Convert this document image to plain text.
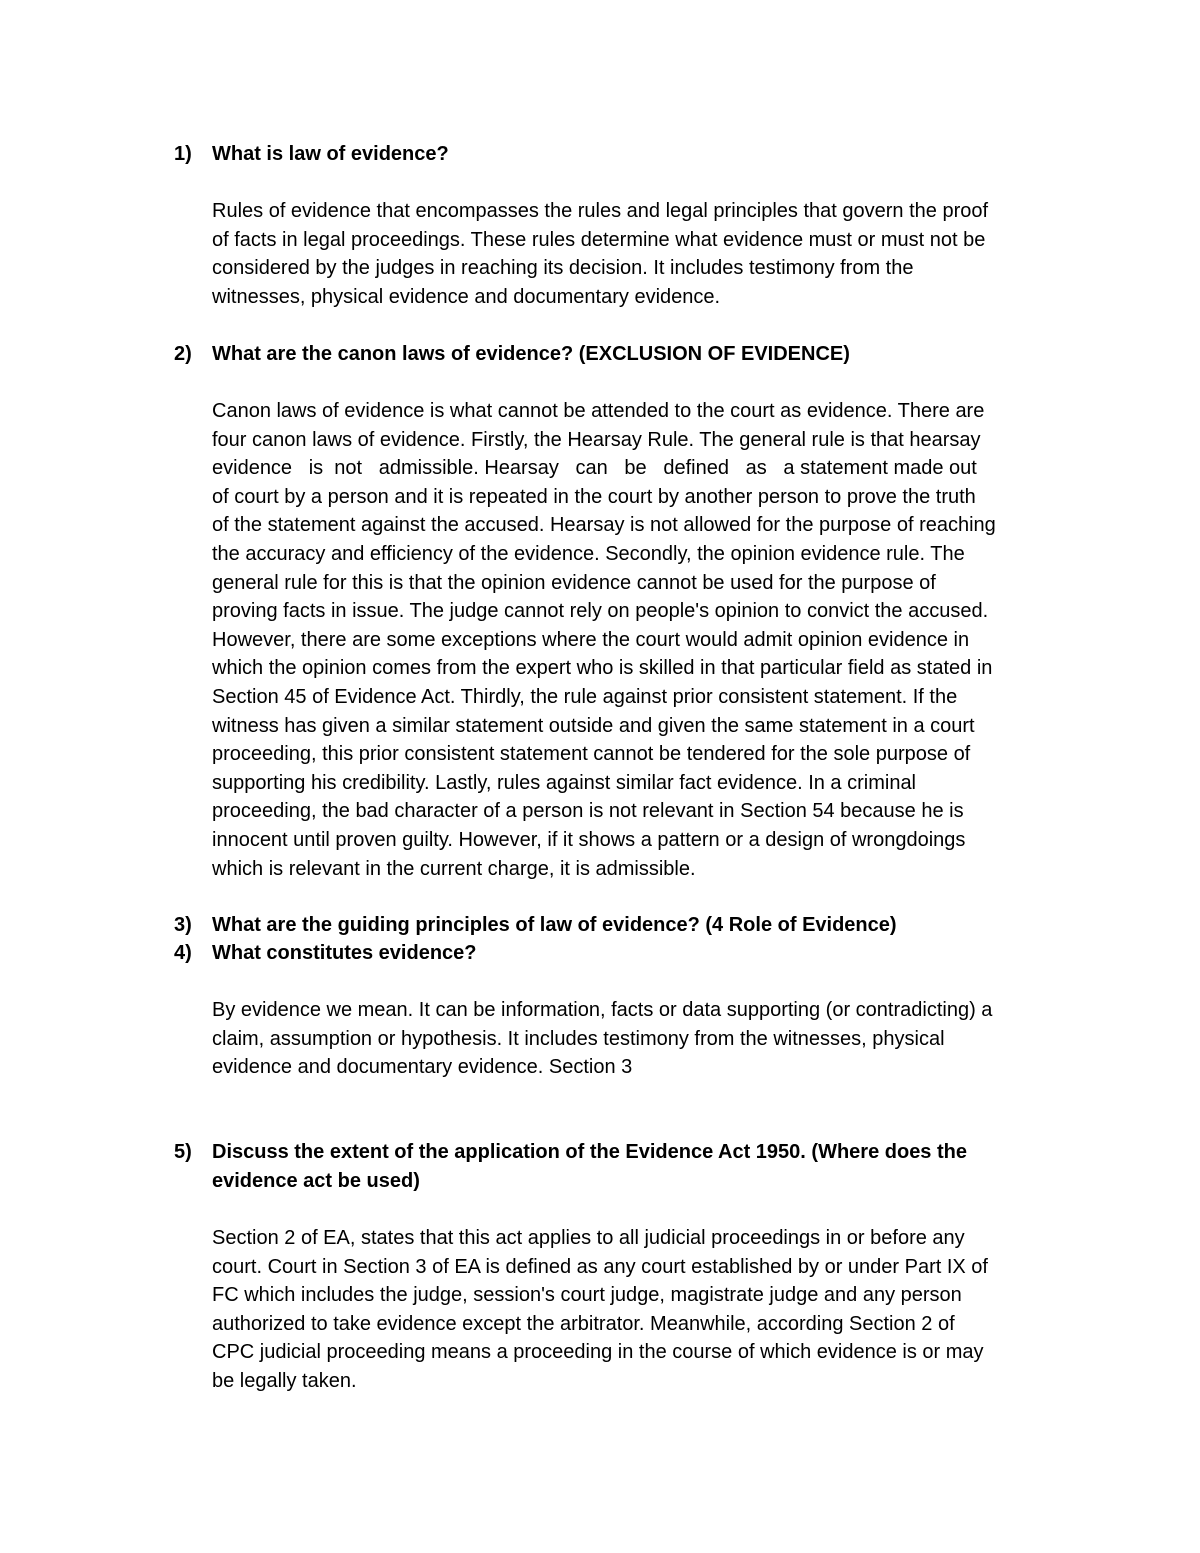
1) What is law of evidence?
Rules of evidence that encompasses the rules and legal principles that govern the proof
of facts in legal proceedings. These rules determine what evidence must or must not be
considered by the judges in reaching its decision. It includes testimony from the
witnesses, physical evidence and documentary evidence.
2) What are the canon laws of evidence? (EXCLUSION OF EVIDENCE)
Canon laws of evidence is what cannot be attended to the court as evidence. There are
four canon laws of evidence. Firstly, the Hearsay Rule. The general rule is that hearsay
evidence   is  not   admissible. Hearsay   can   be   defined   as   a statement made out
of court by a person and it is repeated in the court by another person to prove the truth
of the statement against the accused. Hearsay is not allowed for the purpose of reaching
the accuracy and efficiency of the evidence. Secondly, the opinion evidence rule. The
general rule for this is that the opinion evidence cannot be used for the purpose of
proving facts in issue. The judge cannot rely on people's opinion to convict the accused.
However, there are some exceptions where the court would admit opinion evidence in
which the opinion comes from the expert who is skilled in that particular field as stated in
Section 45 of Evidence Act. Thirdly, the rule against prior consistent statement. If the
witness has given a similar statement outside and given the same statement in a court
proceeding, this prior consistent statement cannot be tendered for the sole purpose of
supporting his credibility. Lastly, rules against similar fact evidence. In a criminal
proceeding, the bad character of a person is not relevant in Section 54 because he is
innocent until proven guilty. However, if it shows a pattern or a design of wrongdoings
which is relevant in the current charge, it is admissible.
3) What are the guiding principles of law of evidence? (4 Role of Evidence)
4) What constitutes evidence?
By evidence we mean. It can be information, facts or data supporting (or contradicting) a
claim, assumption or hypothesis. It includes testimony from the witnesses, physical
evidence and documentary evidence. Section 3
5) Discuss the extent of the application of the Evidence Act 1950. (Where does the
evidence act be used)
Section 2 of EA, states that this act applies to all judicial proceedings in or before any
court. Court in Section 3 of EA is defined as any court established by or under Part IX of
FC which includes the judge, session's court judge, magistrate judge and any person
authorized to take evidence except the arbitrator. Meanwhile, according Section 2 of
CPC judicial proceeding means a proceeding in the course of which evidence is or may
be legally taken.
